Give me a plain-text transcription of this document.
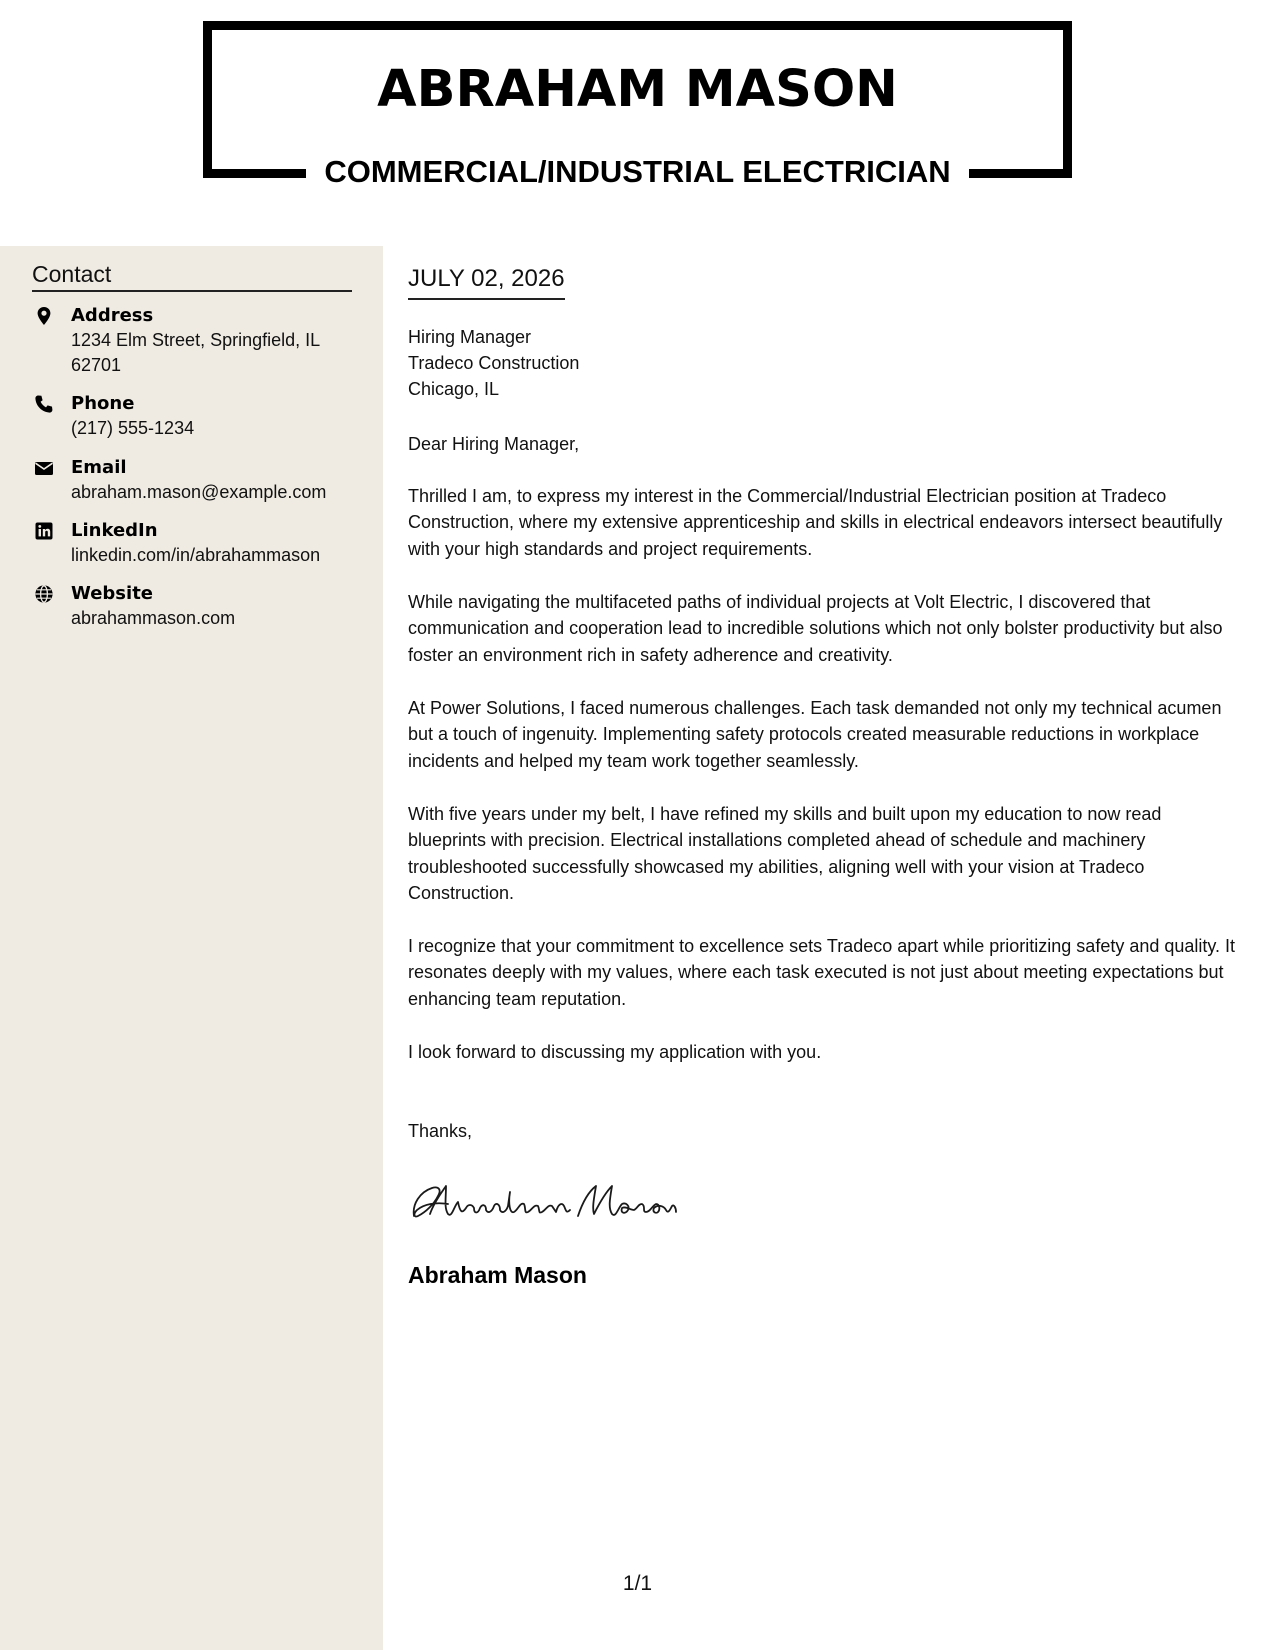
ABRAHAM MASON
COMMERCIAL/INDUSTRIAL ELECTRICIAN
Contact
Address
1234 Elm Street, Springfield, IL 62701
Phone
(217) 555-1234
Email
abraham.mason@example.com
LinkedIn
linkedin.com/in/abrahammason
Website
abrahammason.com
JULY 02, 2026
Hiring Manager
Tradeco Construction
Chicago, IL

Dear Hiring Manager,

Thrilled I am, to express my interest in the Commercial/Industrial Electrician position at Tradeco Construction, where my extensive apprenticeship and skills in electrical endeavors intersect beautifully with your high standards and project requirements.

While navigating the multifaceted paths of individual projects at Volt Electric, I discovered that communication and cooperation lead to incredible solutions which not only bolster productivity but also foster an environment rich in safety adherence and creativity.

At Power Solutions, I faced numerous challenges. Each task demanded not only my technical acumen but a touch of ingenuity. Implementing safety protocols created measurable reductions in workplace incidents and helped my team work together seamlessly.

With five years under my belt, I have refined my skills and built upon my education to now read blueprints with precision. Electrical installations completed ahead of schedule and machinery troubleshooted successfully showcased my abilities, aligning well with your vision at Tradeco Construction.

I recognize that your commitment to excellence sets Tradeco apart while prioritizing safety and quality. It resonates deeply with my values, where each task executed is not just about meeting expectations but enhancing team reputation.

I look forward to discussing my application with you.

Thanks,

Abraham Mason
1/1
